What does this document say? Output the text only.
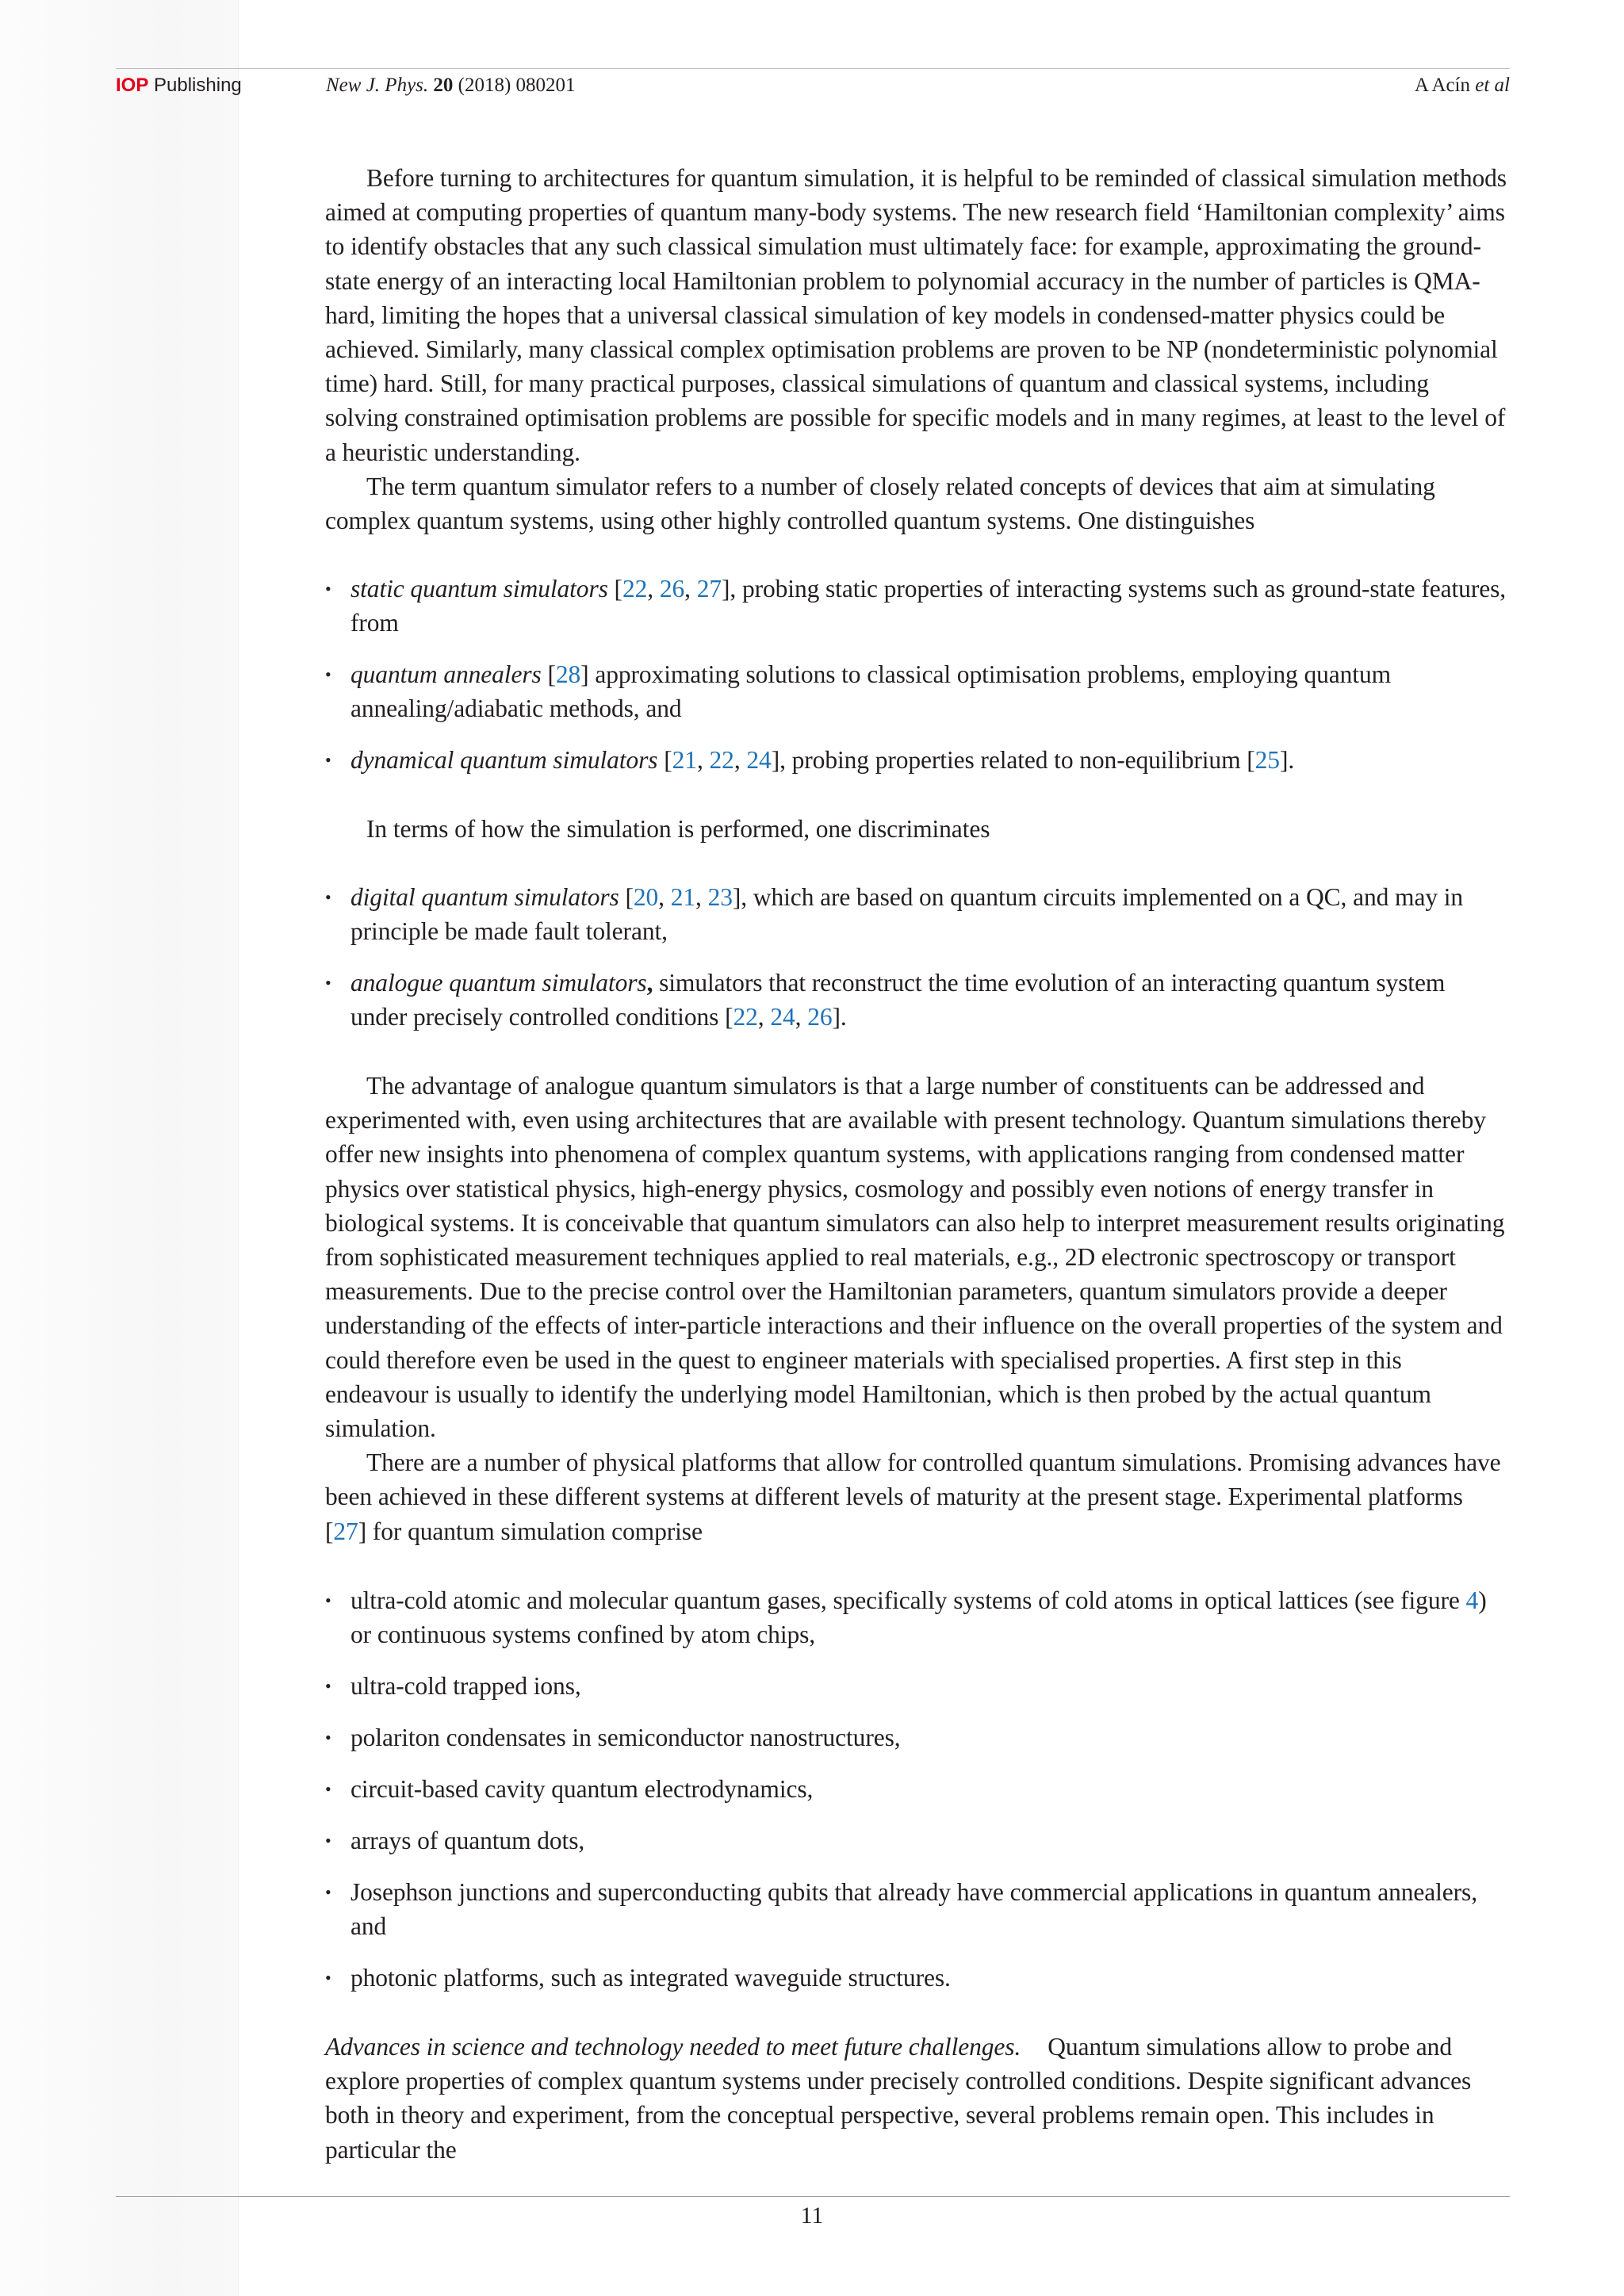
IOP Publishing	New J. Phys. 20 (2018) 080201	A Acín et al

Before turning to architectures for quantum simulation, it is helpful to be reminded of classical simulation methods aimed at computing properties of quantum many-body systems. The new research field ‘Hamiltonian complexity’ aims to identify obstacles that any such classical simulation must ultimately face: for example, approximating the ground-state energy of an interacting local Hamiltonian problem to polynomial accuracy in the number of particles is QMA-hard, limiting the hopes that a universal classical simulation of key models in condensed-matter physics could be achieved. Similarly, many classical complex optimisation problems are proven to be NP (nondeterministic polynomial time) hard. Still, for many practical purposes, classical simulations of quantum and classical systems, including solving constrained optimisation problems are possible for specific models and in many regimes, at least to the level of a heuristic understanding.

The term quantum simulator refers to a number of closely related concepts of devices that aim at simulating complex quantum systems, using other highly controlled quantum systems. One distinguishes

• static quantum simulators [22, 26, 27], probing static properties of interacting systems such as ground-state features, from
• quantum annealers [28] approximating solutions to classical optimisation problems, employing quantum annealing/adiabatic methods, and
• dynamical quantum simulators [21, 22, 24], probing properties related to non-equilibrium [25].

In terms of how the simulation is performed, one discriminates

• digital quantum simulators [20, 21, 23], which are based on quantum circuits implemented on a QC, and may in principle be made fault tolerant,
• analogue quantum simulators, simulators that reconstruct the time evolution of an interacting quantum system under precisely controlled conditions [22, 24, 26].

The advantage of analogue quantum simulators is that a large number of constituents can be addressed and experimented with, even using architectures that are available with present technology. Quantum simulations thereby offer new insights into phenomena of complex quantum systems, with applications ranging from condensed matter physics over statistical physics, high-energy physics, cosmology and possibly even notions of energy transfer in biological systems. It is conceivable that quantum simulators can also help to interpret measurement results originating from sophisticated measurement techniques applied to real materials, e.g., 2D electronic spectroscopy or transport measurements. Due to the precise control over the Hamiltonian parameters, quantum simulators provide a deeper understanding of the effects of inter-particle interactions and their influence on the overall properties of the system and could therefore even be used in the quest to engineer materials with specialised properties. A first step in this endeavour is usually to identify the underlying model Hamiltonian, which is then probed by the actual quantum simulation.

There are a number of physical platforms that allow for controlled quantum simulations. Promising advances have been achieved in these different systems at different levels of maturity at the present stage. Experimental platforms [27] for quantum simulation comprise

• ultra-cold atomic and molecular quantum gases, specifically systems of cold atoms in optical lattices (see figure 4) or continuous systems confined by atom chips,
• ultra-cold trapped ions,
• polariton condensates in semiconductor nanostructures,
• circuit-based cavity quantum electrodynamics,
• arrays of quantum dots,
• Josephson junctions and superconducting qubits that already have commercial applications in quantum annealers, and
• photonic platforms, such as integrated waveguide structures.

Advances in science and technology needed to meet future challenges. Quantum simulations allow to probe and explore properties of complex quantum systems under precisely controlled conditions. Despite significant advances both in theory and experiment, from the conceptual perspective, several problems remain open. This includes in particular the

11
